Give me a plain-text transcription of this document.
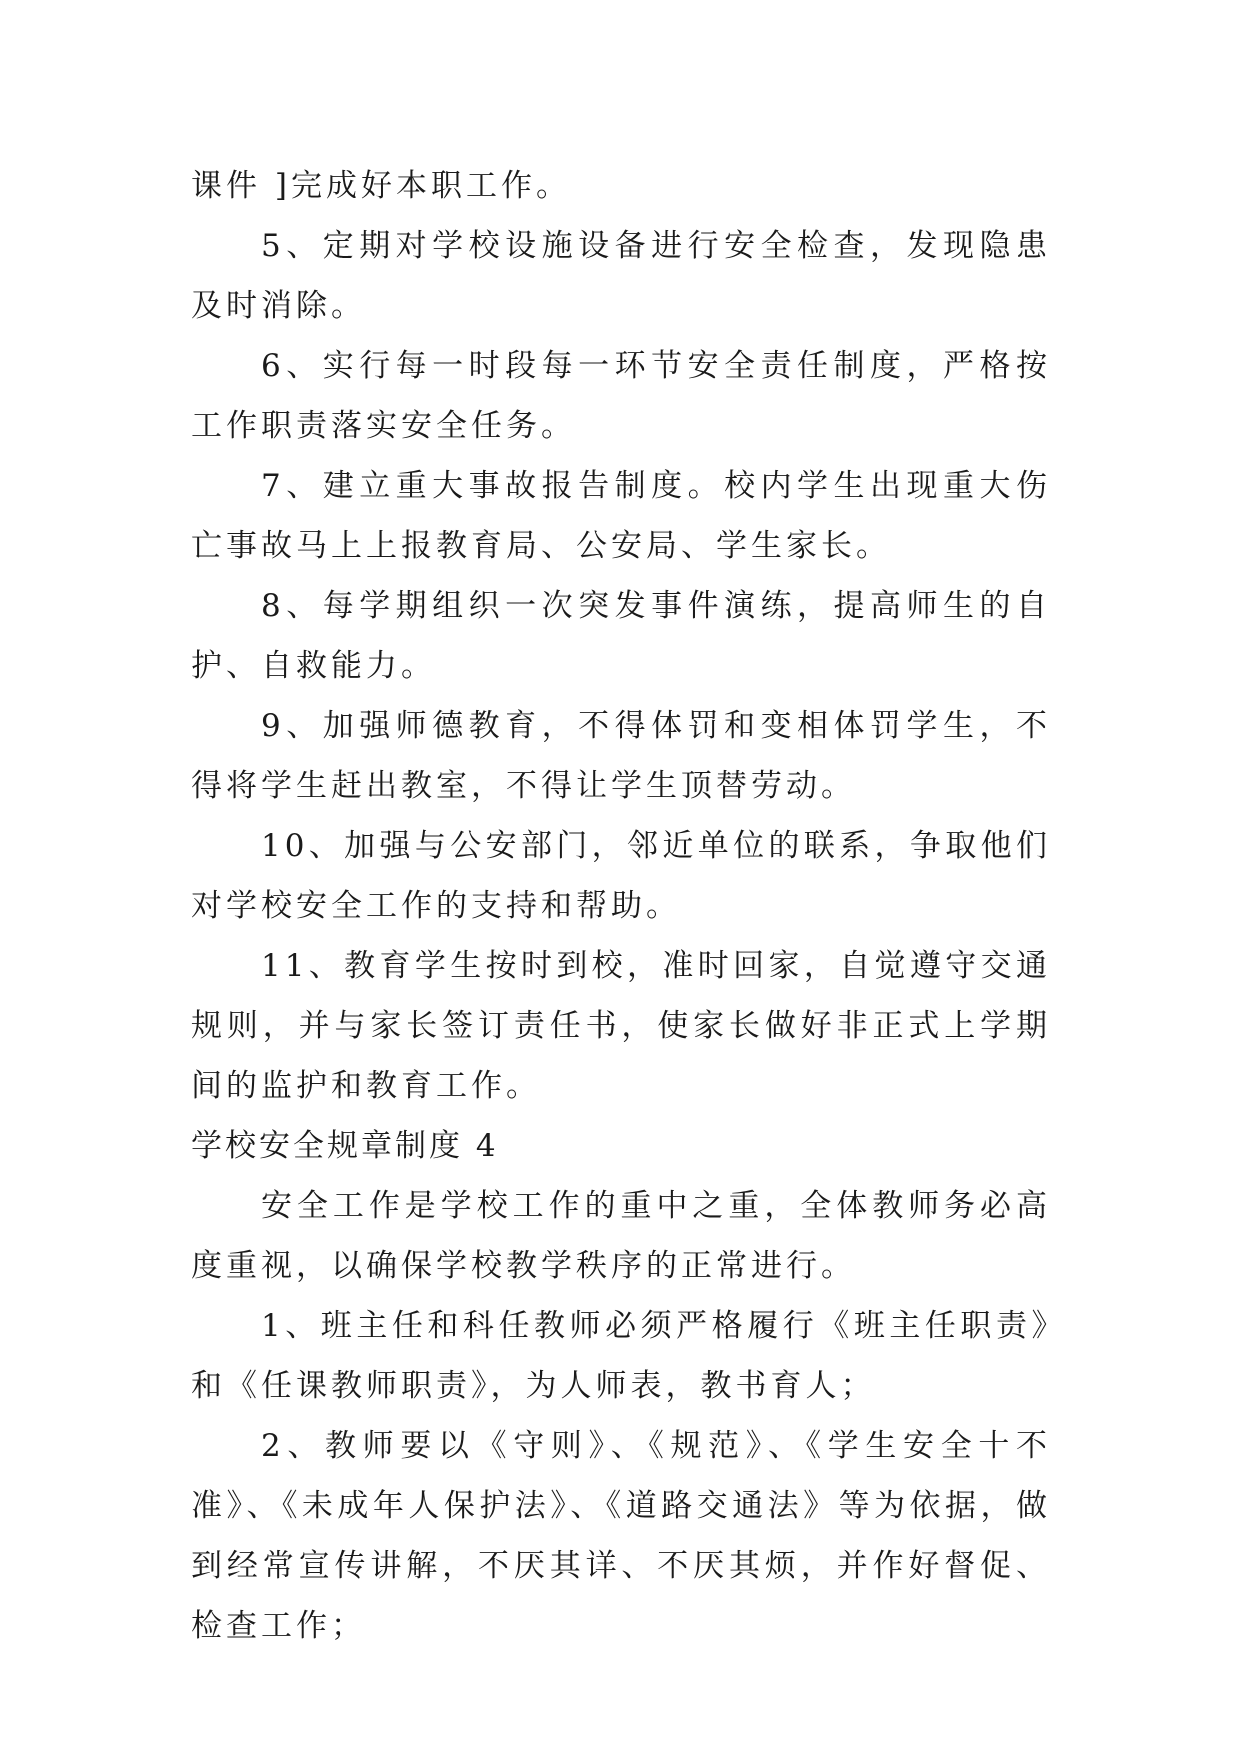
课件 ]完成好本职工作。

5、定期对学校设施设备进行安全检查，发现隐患及时消除。

6、实行每一时段每一环节安全责任制度，严格按工作职责落实安全任务。

7、建立重大事故报告制度。校内学生出现重大伤亡事故马上上报教育局、公安局、学生家长。

8、每学期组织一次突发事件演练，提高师生的自护、自救能力。

9、加强师德教育，不得体罚和变相体罚学生，不得将学生赶出教室，不得让学生顶替劳动。

10、加强与公安部门，邻近单位的联系，争取他们对学校安全工作的支持和帮助。

11、教育学生按时到校，准时回家，自觉遵守交通规则，并与家长签订责任书，使家长做好非正式上学期间的监护和教育工作。

学校安全规章制度 4

安全工作是学校工作的重中之重，全体教师务必高度重视，以确保学校教学秩序的正常进行。

1、班主任和科任教师必须严格履行《班主任职责》和《任课教师职责》，为人师表，教书育人；

2、教师要以《守则》、《规范》、《学生安全十不准》、《未成年人保护法》、《道路交通法》等为依据，做到经常宣传讲解，不厌其详、不厌其烦，并作好督促、检查工作；
